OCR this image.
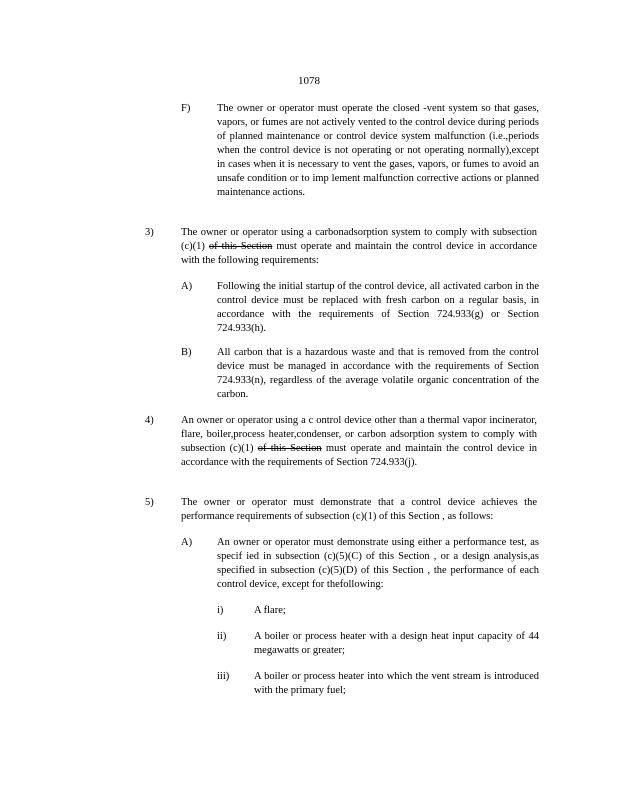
1078
F)	The owner or operator must operate the closed -vent system so that gases, vapors, or fumes are not actively vented to the control device during periods of planned maintenance or control device system malfunction (i.e.,periods when the control device is not operating or not operating normally),except in cases when it is necessary to vent the gases, vapors, or fumes to avoid an unsafe condition or to imp lement malfunction corrective actions or planned maintenance actions.
3)	The owner or operator using a carbonadsorption system to comply with subsection (c)(1) of this Section must operate and maintain the control device in accordance with the following requirements:
A) Following the initial startup of the control device, all activated carbon in the control device must be replaced with fresh carbon on a regular basis, in accordance with the requirements of Section 724.933(g) or Section 724.933(h).
B) All carbon that is a hazardous waste and that is removed from the control device must be managed in accordance with the requirements of Section 724.933(n), regardless of the average volatile organic concentration of the carbon.
4)	An owner or operator using a c ontrol device other than a thermal vapor incinerator, flare, boiler,process heater,condenser, or carbon adsorption system to comply with subsection (c)(1) of this Section must operate and maintain the control device in accordance with the requirements of Section 724.933(j).
5)	The owner or operator must demonstrate that a control device achieves the performance requirements of subsection (c)(1) of this Section , as follows:
A) An owner or operator must demonstrate using either a performance test, as specif ied in subsection (c)(5)(C) of this Section , or a design analysis,as specified in subsection (c)(5)(D) of this Section , the performance of each control device, except for thefollowing:
i)	A flare;
ii)	A boiler or process heater with a design heat input capacity of 44 megawatts or greater;
iii) A boiler or process heater into which the vent stream is introduced with the primary fuel;
